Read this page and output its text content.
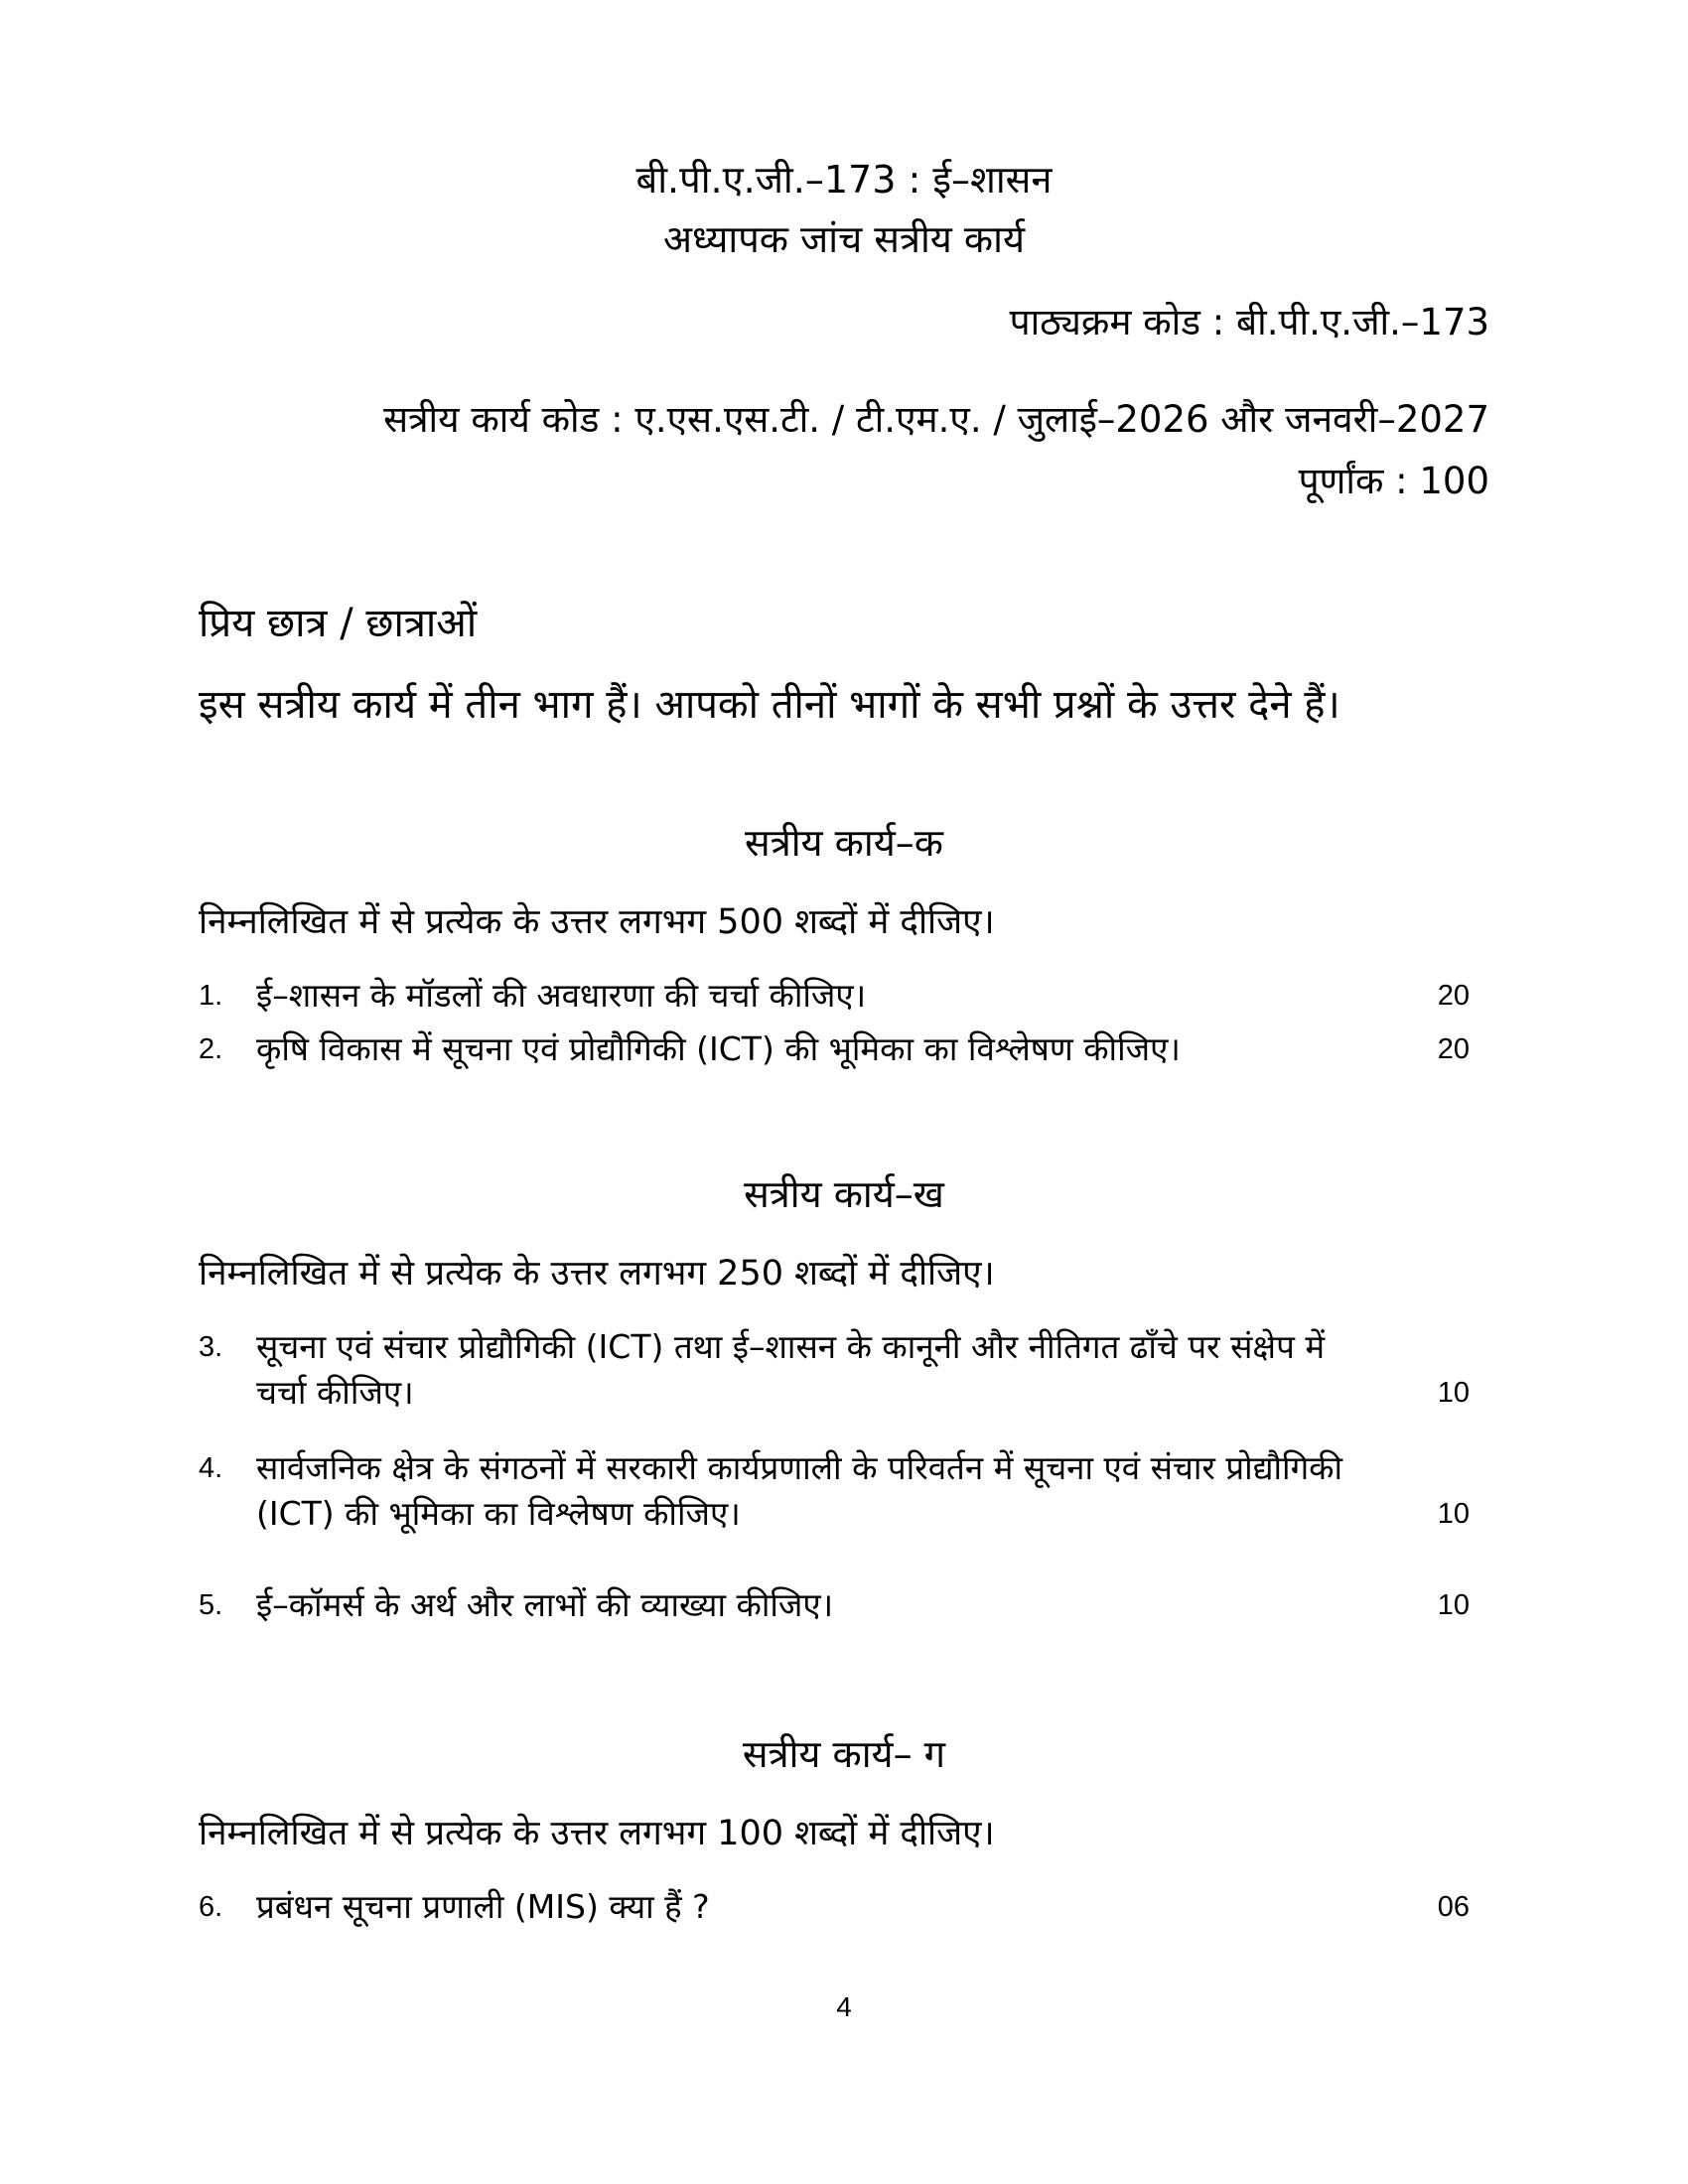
बी.पी.ए.जी.–173 : ई–शासन
अध्यापक जांच सत्रीय कार्य
पाठ्यक्रम कोड : बी.पी.ए.जी.–173
सत्रीय कार्य कोड : ए.एस.एस.टी. / टी.एम.ए. / जुलाई–2026 और जनवरी–2027
पूर्णांक : 100
प्रिय छात्र / छात्राओं
इस सत्रीय कार्य में तीन भाग हैं। आपको तीनों भागों के सभी प्रश्नों के उत्तर देने हैं।
सत्रीय कार्य–क
निम्नलिखित में से प्रत्येक के उत्तर लगभग 500 शब्दों में दीजिए।
1.	ई–शासन के मॉडलों की अवधारणा की चर्चा कीजिए।	20
2.	कृषि विकास में सूचना एवं प्रोद्यौगिकी (ICT) की भूमिका का विश्लेषण कीजिए।	20
सत्रीय कार्य–ख
निम्नलिखित में से प्रत्येक के उत्तर लगभग 250 शब्दों में दीजिए।
3.	सूचना एवं संचार प्रोद्यौगिकी (ICT) तथा ई–शासन के कानूनी और नीतिगत ढाँचे पर संक्षेप में चर्चा कीजिए।	10
4.	सार्वजनिक क्षेत्र के संगठनों में सरकारी कार्यप्रणाली के परिवर्तन में सूचना एवं संचार प्रोद्यौगिकी (ICT) की भूमिका का विश्लेषण कीजिए।	10
5.	ई–कॉमर्स के अर्थ और लाभों की व्याख्या कीजिए।	10
सत्रीय कार्य– ग
निम्नलिखित में से प्रत्येक के उत्तर लगभग 100 शब्दों में दीजिए।
6.	प्रबंधन सूचना प्रणाली (MIS) क्या हैं ?	06
4
